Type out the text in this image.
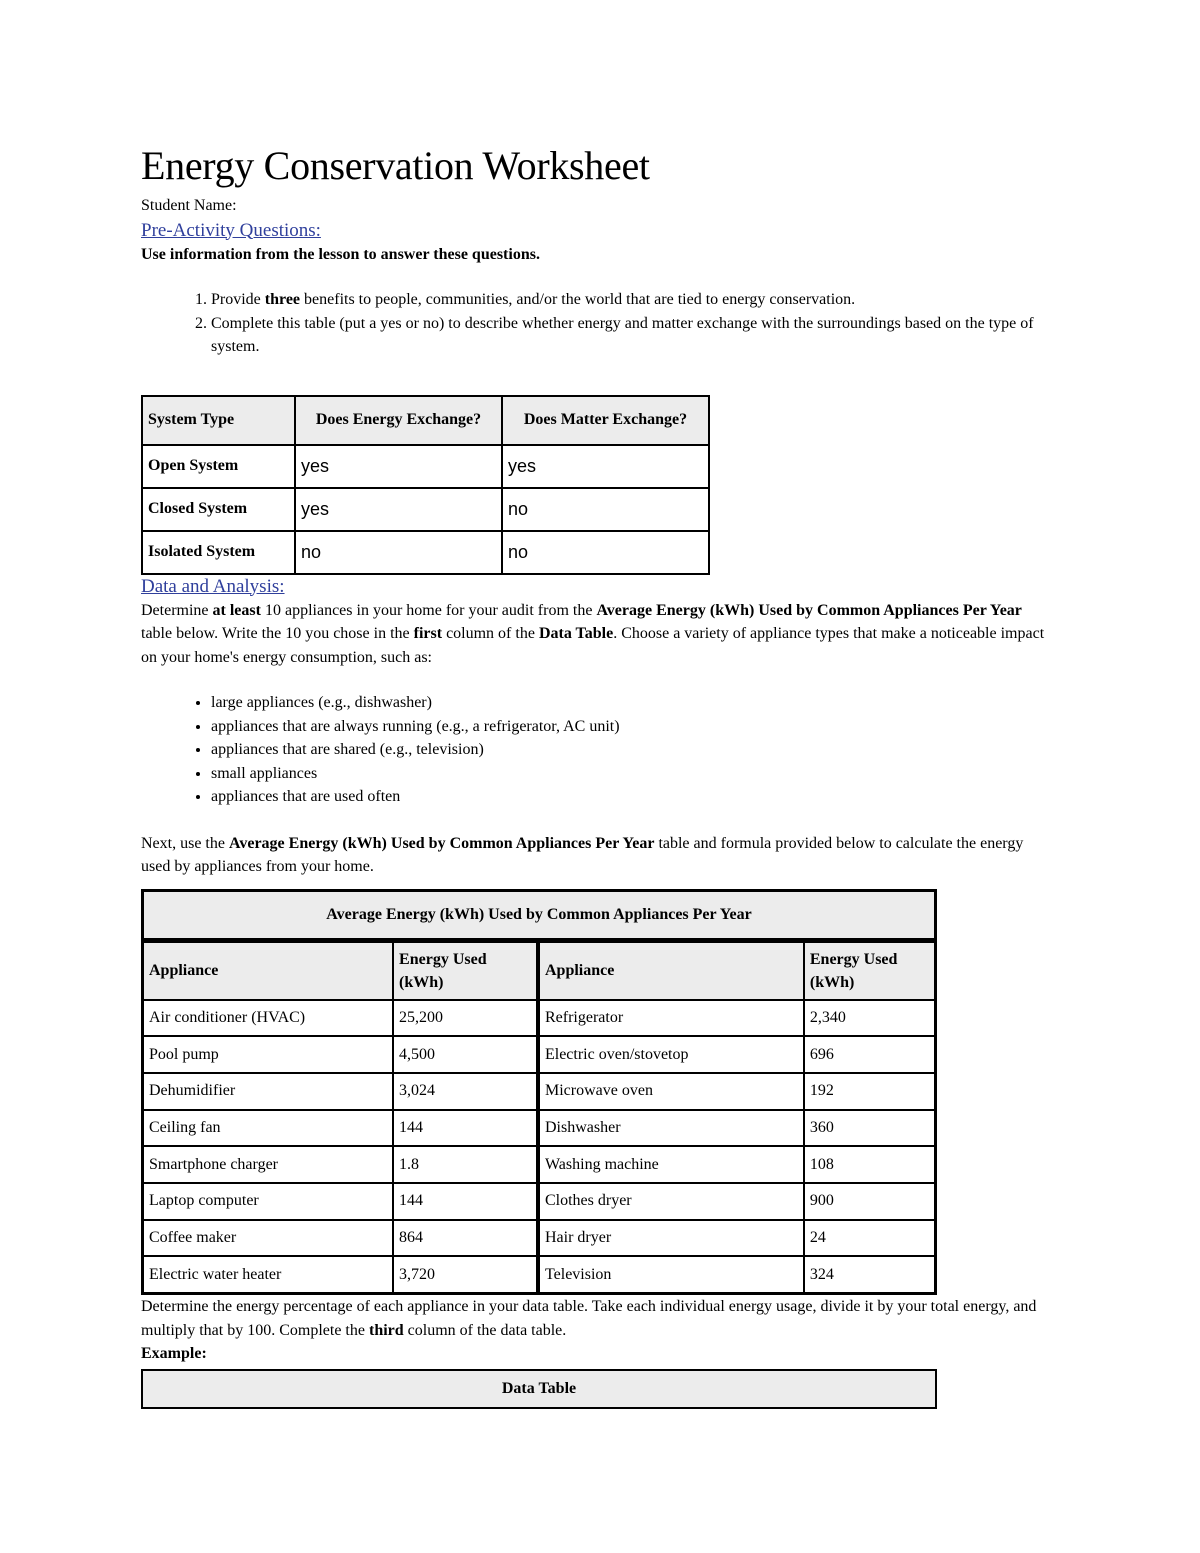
Energy Conservation Worksheet

Student Name:

Pre-Activity Questions:

Use information from the lesson to answer these questions.

1. Provide three benefits to people, communities, and/or the world that are tied to energy conservation.
2. Complete this table (put a yes or no) to describe whether energy and matter exchange with the surroundings based on the type of system.
System Type	Does Energy Exchange?	Does Matter Exchange?
Open System	yes	yes
Closed System	yes	no
Isolated System	no	no

Data and Analysis:

Determine at least 10 appliances in your home for your audit from the Average Energy (kWh) Used by Common Appliances Per Year table below. Write the 10 you chose in the first column of the Data Table. Choose a variety of appliance types that make a noticeable impact on your home's energy consumption, such as:

• large appliances (e.g., dishwasher)
• appliances that are always running (e.g., a refrigerator, AC unit)
• appliances that are shared (e.g., television)
• small appliances
• appliances that are used often

Next, use the Average Energy (kWh) Used by Common Appliances Per Year table and formula provided below to calculate the energy used by appliances from your home.

Average Energy (kWh) Used by Common Appliances Per Year			
Appliance	Energy Used (kWh)	Appliance	Energy Used (kWh)
Air conditioner (HVAC)	25,200	Refrigerator	2,340
Pool pump	4,500	Electric oven/stovetop	696
Dehumidifier	3,024	Microwave oven	192
Ceiling fan	144	Dishwasher	360
Smartphone charger	1.8	Washing machine	108
Laptop computer	144	Clothes dryer	900
Coffee maker	864	Hair dryer	24
Electric water heater	3,720	Television	324

Determine the energy percentage of each appliance in your data table. Take each individual energy usage, divide it by your total energy, and multiply that by 100. Complete the third column of the data table.

Example:

Data Table
